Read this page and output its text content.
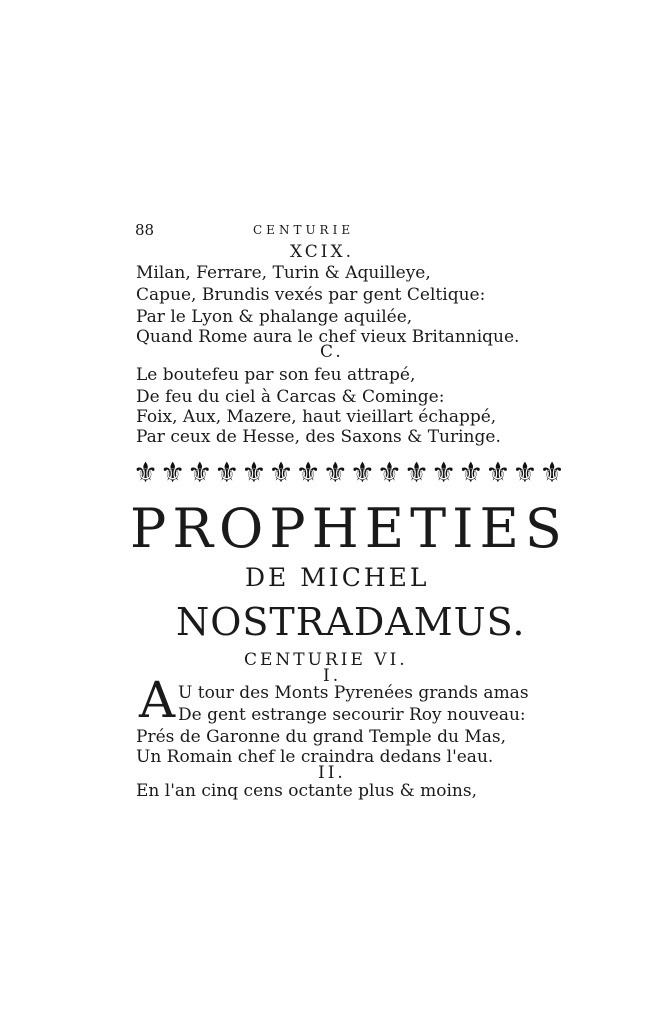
88	CENTURIE
XCIX.
Milan, Ferrare, Turin & Aquilleye,
Capue, Brundis vexés par gent Celtique:
Par le Lyon & phalange aquilée,
Quand Rome aura le chef vieux Britannique.
C.
Le boutefeu par son feu attrapé,
De feu du ciel à Carcas & Cominge:
Foix, Aux, Mazere, haut vieillart échappé,
Par ceux de Hesse, des Saxons & Turinge.
⚜⚜⚜⚜⚜⚜⚜⚜⚜⚜⚜⚜⚜⚜⚜⚜
PROPHETIES
DE MICHEL
NOSTRADAMUS.
CENTURIE VI.
I.
A U tour des Monts Pyrenées grands amas
De gent estrange secourir Roy nouveau:
Prés de Garonne du grand Temple du Mas,
Un Romain chef le craindra dedans l'eau.
II.
En l'an cinq cens octante plus & moins,
